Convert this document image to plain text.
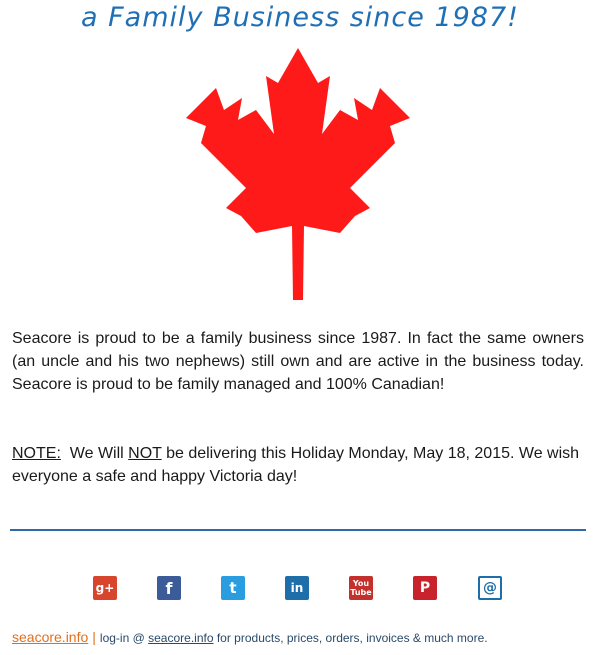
a Family Business since 1987!

Seacore is proud to be a family business since 1987. In fact the same owners (an uncle and his two nephews) still own and are active in the business today. Seacore is proud to be family managed and 100% Canadian!

NOTE:  We Will NOT be delivering this Holiday Monday, May 18, 2015. We wish everyone a safe and happy Victoria day!

g+	f	t	in	You Tube	P	@
seacore.info | log-in @ seacore.info for products, prices, orders, invoices & much more.
